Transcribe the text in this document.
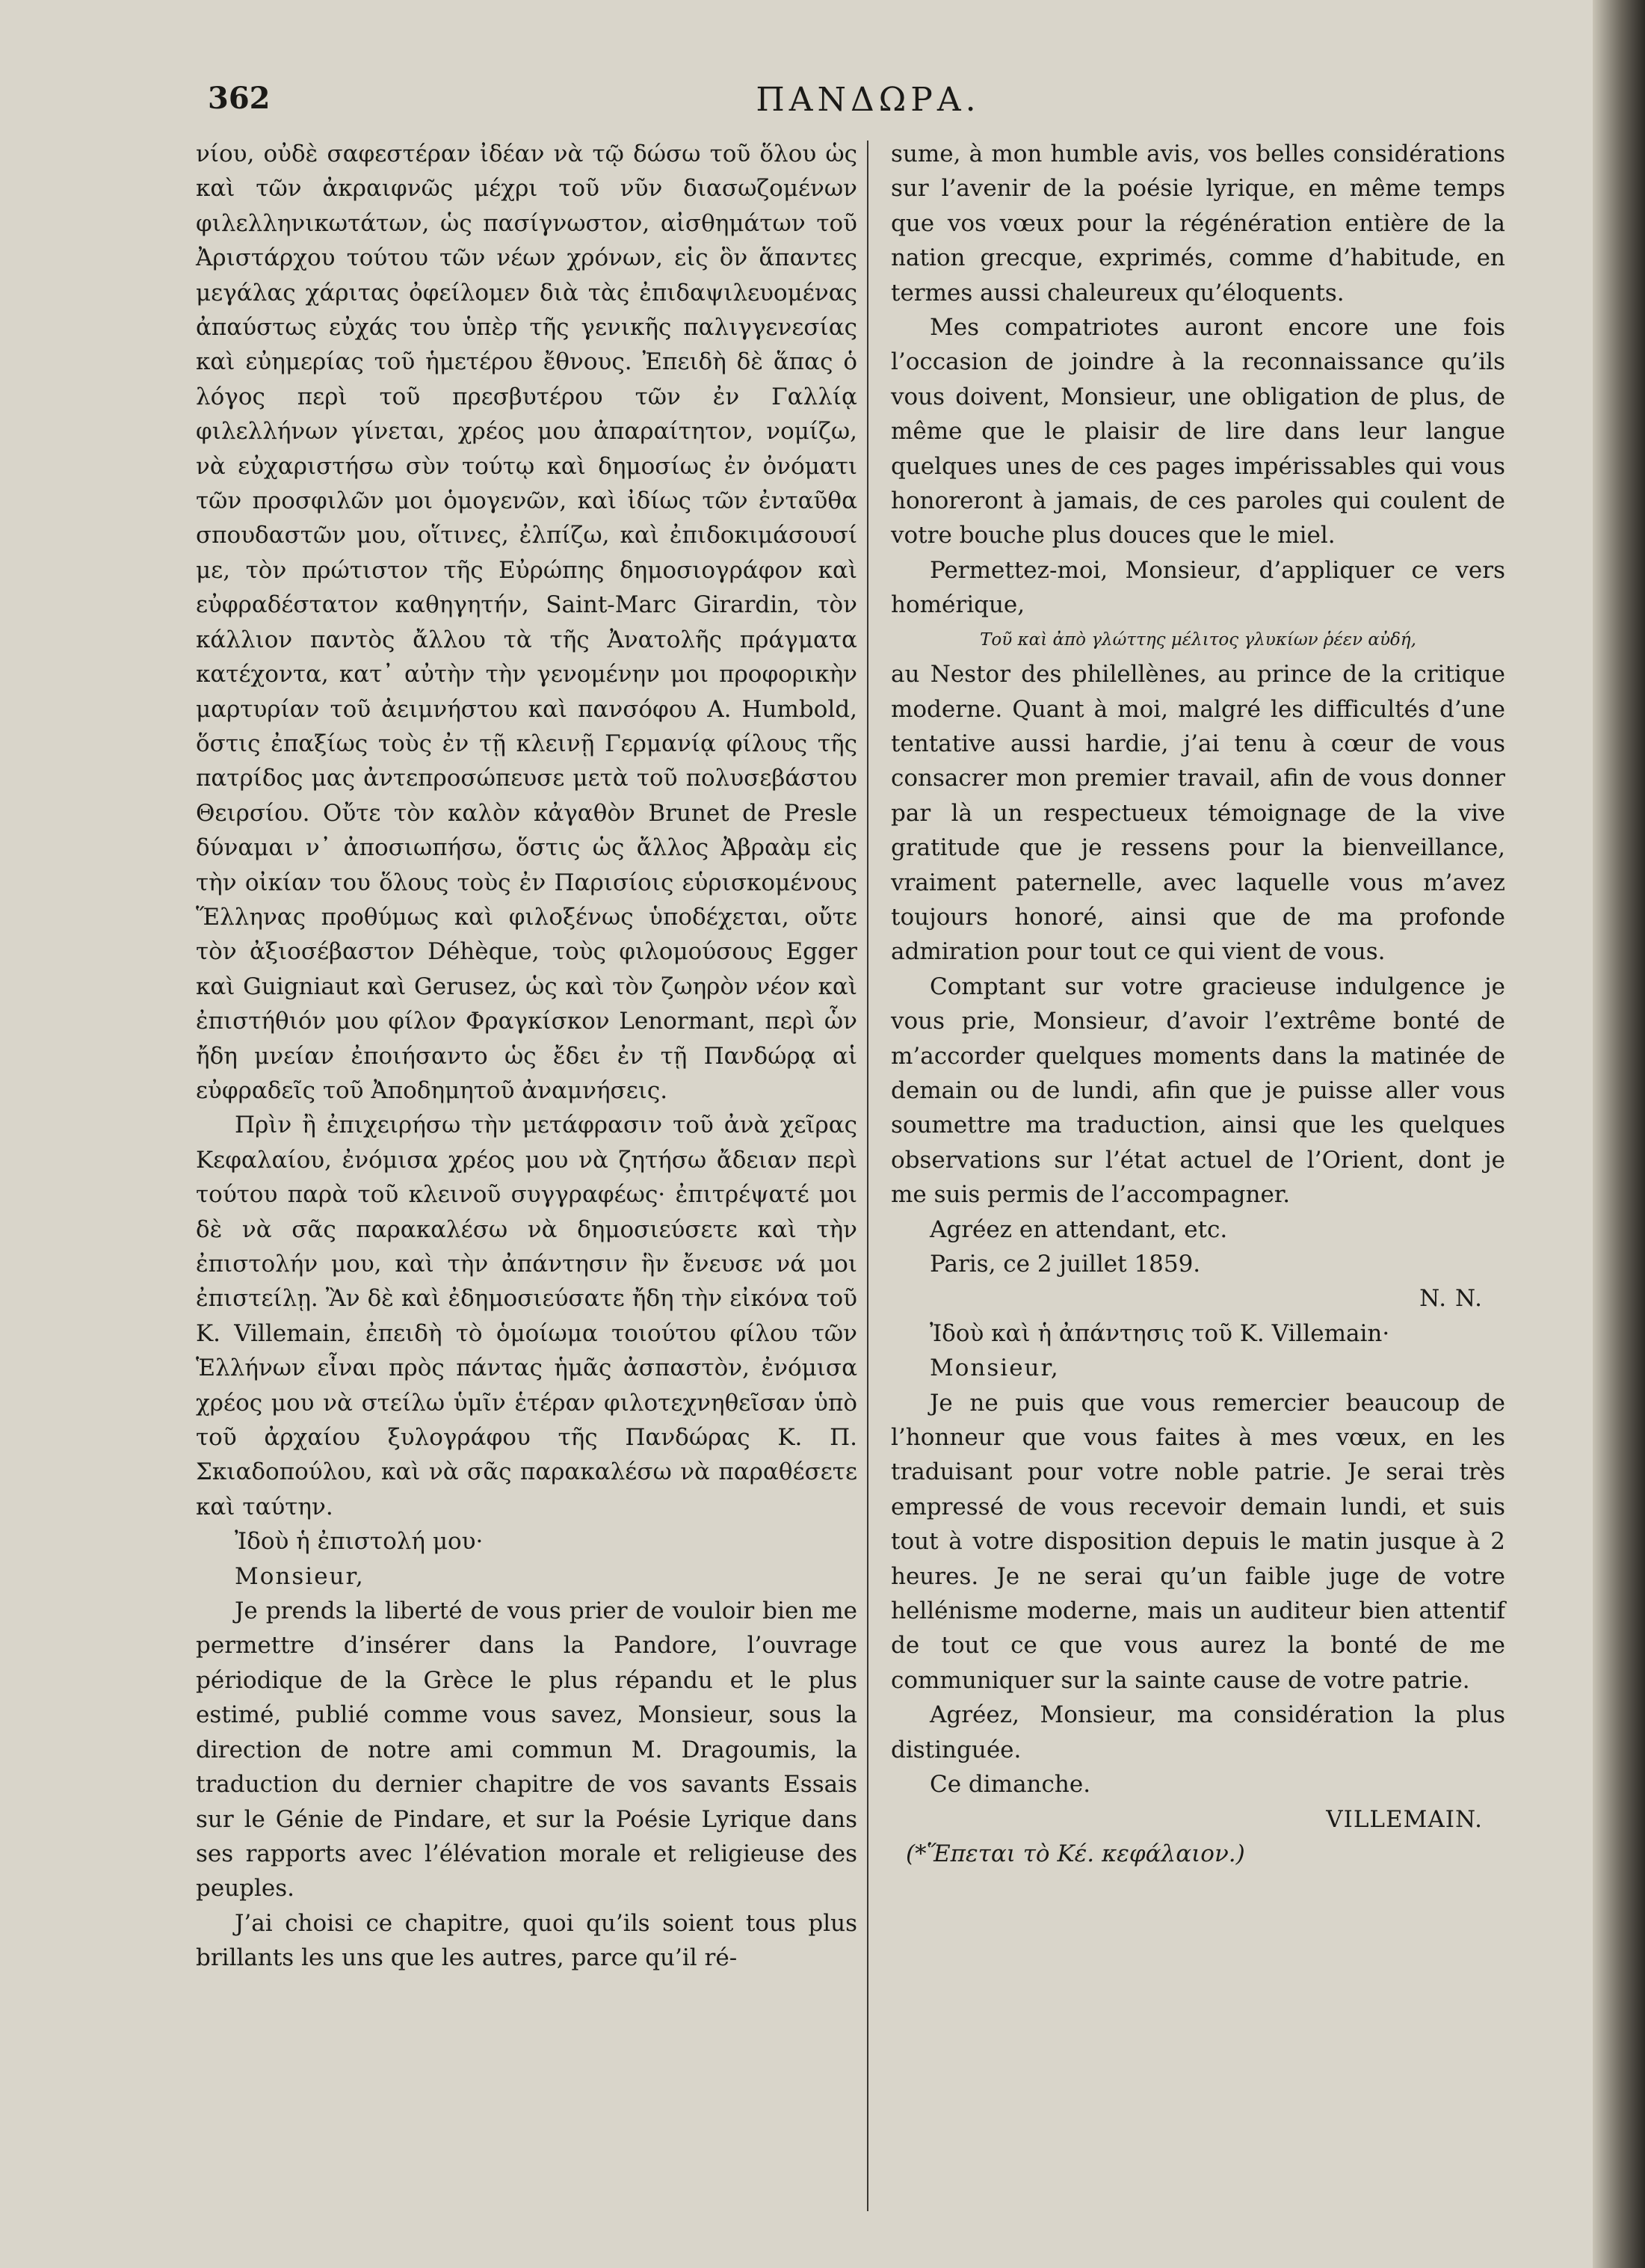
362	ΠΑΝΔΩΡΑ.

νίου, οὐδὲ σαφεστέραν ἰδέαν νὰ τῷ δώσω τοῦ ὅλου ὡς καὶ τῶν ἀκραιφνῶς μέχρι τοῦ νῦν διασωζομένων φιλελληνικωτάτων, ὡς πασίγνωστον, αἰσθημάτων τοῦ Ἀριστάρχου τούτου τῶν νέων χρόνων, εἰς ὃν ἅπαντες μεγάλας χάριτας ὀφείλομεν διὰ τὰς ἐπιδαψιλευομένας ἀπαύστως εὐχάς του ὑπὲρ τῆς γενικῆς παλιγγενεσίας καὶ εὐημερίας τοῦ ἡμετέρου ἔθνους. Ἐπειδὴ δὲ ἅπας ὁ λόγος περὶ τοῦ πρεσβυτέρου τῶν ἐν Γαλλίᾳ φιλελλήνων γίνεται, χρέος μου ἀπαραίτητον, νομίζω, νὰ εὐχαριστήσω σὺν τούτῳ καὶ δημοσίως ἐν ὀνόματι τῶν προσφιλῶν μοι ὁμογενῶν, καὶ ἰδίως τῶν ἐνταῦθα σπουδαστῶν μου, οἵτινες, ἐλπίζω, καὶ ἐπιδοκιμάσουσί με, τὸν πρώτιστον τῆς Εὐρώπης δημοσιογράφον καὶ εὐφραδέστατον καθηγητήν, Saint-Marc Girardin, τὸν κάλλιον παντὸς ἄλλου τὰ τῆς Ἀνατολῆς πράγματα κατέχοντα, κατ᾽ αὐτὴν τὴν γενομένην μοι προφορικὴν μαρτυρίαν τοῦ ἀειμνήστου καὶ πανσόφου A. Humbold, ὅστις ἐπαξίως τοὺς ἐν τῇ κλεινῇ Γερμανίᾳ φίλους τῆς πατρίδος μας ἀντεπροσώπευσε μετὰ τοῦ πολυσεβάστου Θειρσίου. Οὔτε τὸν καλὸν κἀγαθὸν Brunet de Presle δύναμαι ν᾽ ἀποσιωπήσω, ὅστις ὡς ἄλλος Ἀβραὰμ εἰς τὴν οἰκίαν του ὅλους τοὺς ἐν Παρισίοις εὑρισκομένους Ἕλληνας προθύμως καὶ φιλοξένως ὑποδέχεται, οὔτε τὸν ἀξιοσέβαστον Déhèque, τοὺς φιλομούσους Egger καὶ Guigniaut καὶ Gerusez, ὡς καὶ τὸν ζωηρὸν νέον καὶ ἐπιστήθιόν μου φίλον Φραγκίσκον Lenormant, περὶ ὧν ἤδη μνείαν ἐποιήσαντο ὡς ἔδει ἐν τῇ Πανδώρᾳ αἱ εὐφραδεῖς τοῦ Ἀποδημητοῦ ἀναμνήσεις.

Πρὶν ἢ ἐπιχειρήσω τὴν μετάφρασιν τοῦ ἀνὰ χεῖρας Κεφαλαίου, ἐνόμισα χρέος μου νὰ ζητήσω ἄδειαν περὶ τούτου παρὰ τοῦ κλεινοῦ συγγραφέως· ἐπιτρέψατέ μοι δὲ νὰ σᾶς παρακαλέσω νὰ δημοσιεύσετε καὶ τὴν ἐπιστολήν μου, καὶ τὴν ἀπάντησιν ἣν ἔνευσε νά μοι ἐπιστείλῃ. Ἂν δὲ καὶ ἐδημοσιεύσατε ἤδη τὴν εἰκόνα τοῦ Κ. Villemain, ἐπειδὴ τὸ ὁμοίωμα τοιούτου φίλου τῶν Ἑλλήνων εἶναι πρὸς πάντας ἡμᾶς ἀσπαστὸν, ἐνόμισα χρέος μου νὰ στείλω ὑμῖν ἑτέραν φιλοτεχνηθεῖσαν ὑπὸ τοῦ ἀρχαίου ξυλογράφου τῆς Πανδώρας Κ. Π. Σκιαδοπούλου, καὶ νὰ σᾶς παρακαλέσω νὰ παραθέσετε καὶ ταύτην.

Ἰδοὺ ἡ ἐπιστολή μου·

Monsieur,

Je prends la liberté de vous prier de vouloir bien me permettre d’insérer dans la Pandore, l’ouvrage périodique de la Grèce le plus répandu et le plus estimé, publié comme vous savez, Monsieur, sous la direction de notre ami commun M. Dragoumis, la traduction du dernier chapitre de vos savants Essais sur le Génie de Pindare, et sur la Poésie Lyrique dans ses rapports avec l’élévation morale et religieuse des peuples.

J’ai choisi ce chapitre, quoi qu’ils soient tous plus brillants les uns que les autres, parce qu’il ré-

sume, à mon humble avis, vos belles considérations sur l’avenir de la poésie lyrique, en même temps que vos vœux pour la régénération entière de la nation grecque, exprimés, comme d’habitude, en termes aussi chaleureux qu’éloquents.

Mes compatriotes auront encore une fois l’occasion de joindre à la reconnaissance qu’ils vous doivent, Monsieur, une obligation de plus, de même que le plaisir de lire dans leur langue quelques unes de ces pages impérissables qui vous honoreront à jamais, de ces paroles qui coulent de votre bouche plus douces que le miel.

Permettez-moi, Monsieur, d’appliquer ce vers homérique,

Τοῦ καὶ ἀπὸ γλώττης μέλιτος γλυκίων ῥέεν αὐδή,

au Nestor des philellènes, au prince de la critique moderne. Quant à moi, malgré les difficultés d’une tentative aussi hardie, j’ai tenu à cœur de vous consacrer mon premier travail, afin de vous donner par là un respectueux témoignage de la vive gratitude que je ressens pour la bienveillance, vraiment paternelle, avec laquelle vous m’avez toujours honoré, ainsi que de ma profonde admiration pour tout ce qui vient de vous.

Comptant sur votre gracieuse indulgence je vous prie, Monsieur, d’avoir l’extrême bonté de m’accorder quelques moments dans la matinée de demain ou de lundi, afin que je puisse aller vous soumettre ma traduction, ainsi que les quelques observations sur l’état actuel de l’Orient, dont je me suis permis de l’accompagner.

Agréez en attendant, etc.

Paris, ce 2 juillet 1859.

N. N.

Ἰδοὺ καὶ ἡ ἀπάντησις τοῦ Κ. Villemain·

Monsieur,

Je ne puis que vous remercier beaucoup de l’honneur que vous faites à mes vœux, en les traduisant pour votre noble patrie. Je serai très empressé de vous recevoir demain lundi, et suis tout à votre disposition depuis le matin jusque à 2 heures. Je ne serai qu’un faible juge de votre hellénisme moderne, mais un auditeur bien attentif de tout ce que vous aurez la bonté de me communiquer sur la sainte cause de votre patrie.

Agréez, Monsieur, ma considération la plus distinguée.

Ce dimanche.

VILLEMAIN.

(*Ἕπεται τὸ Κέ. κεφάλαιον.)
